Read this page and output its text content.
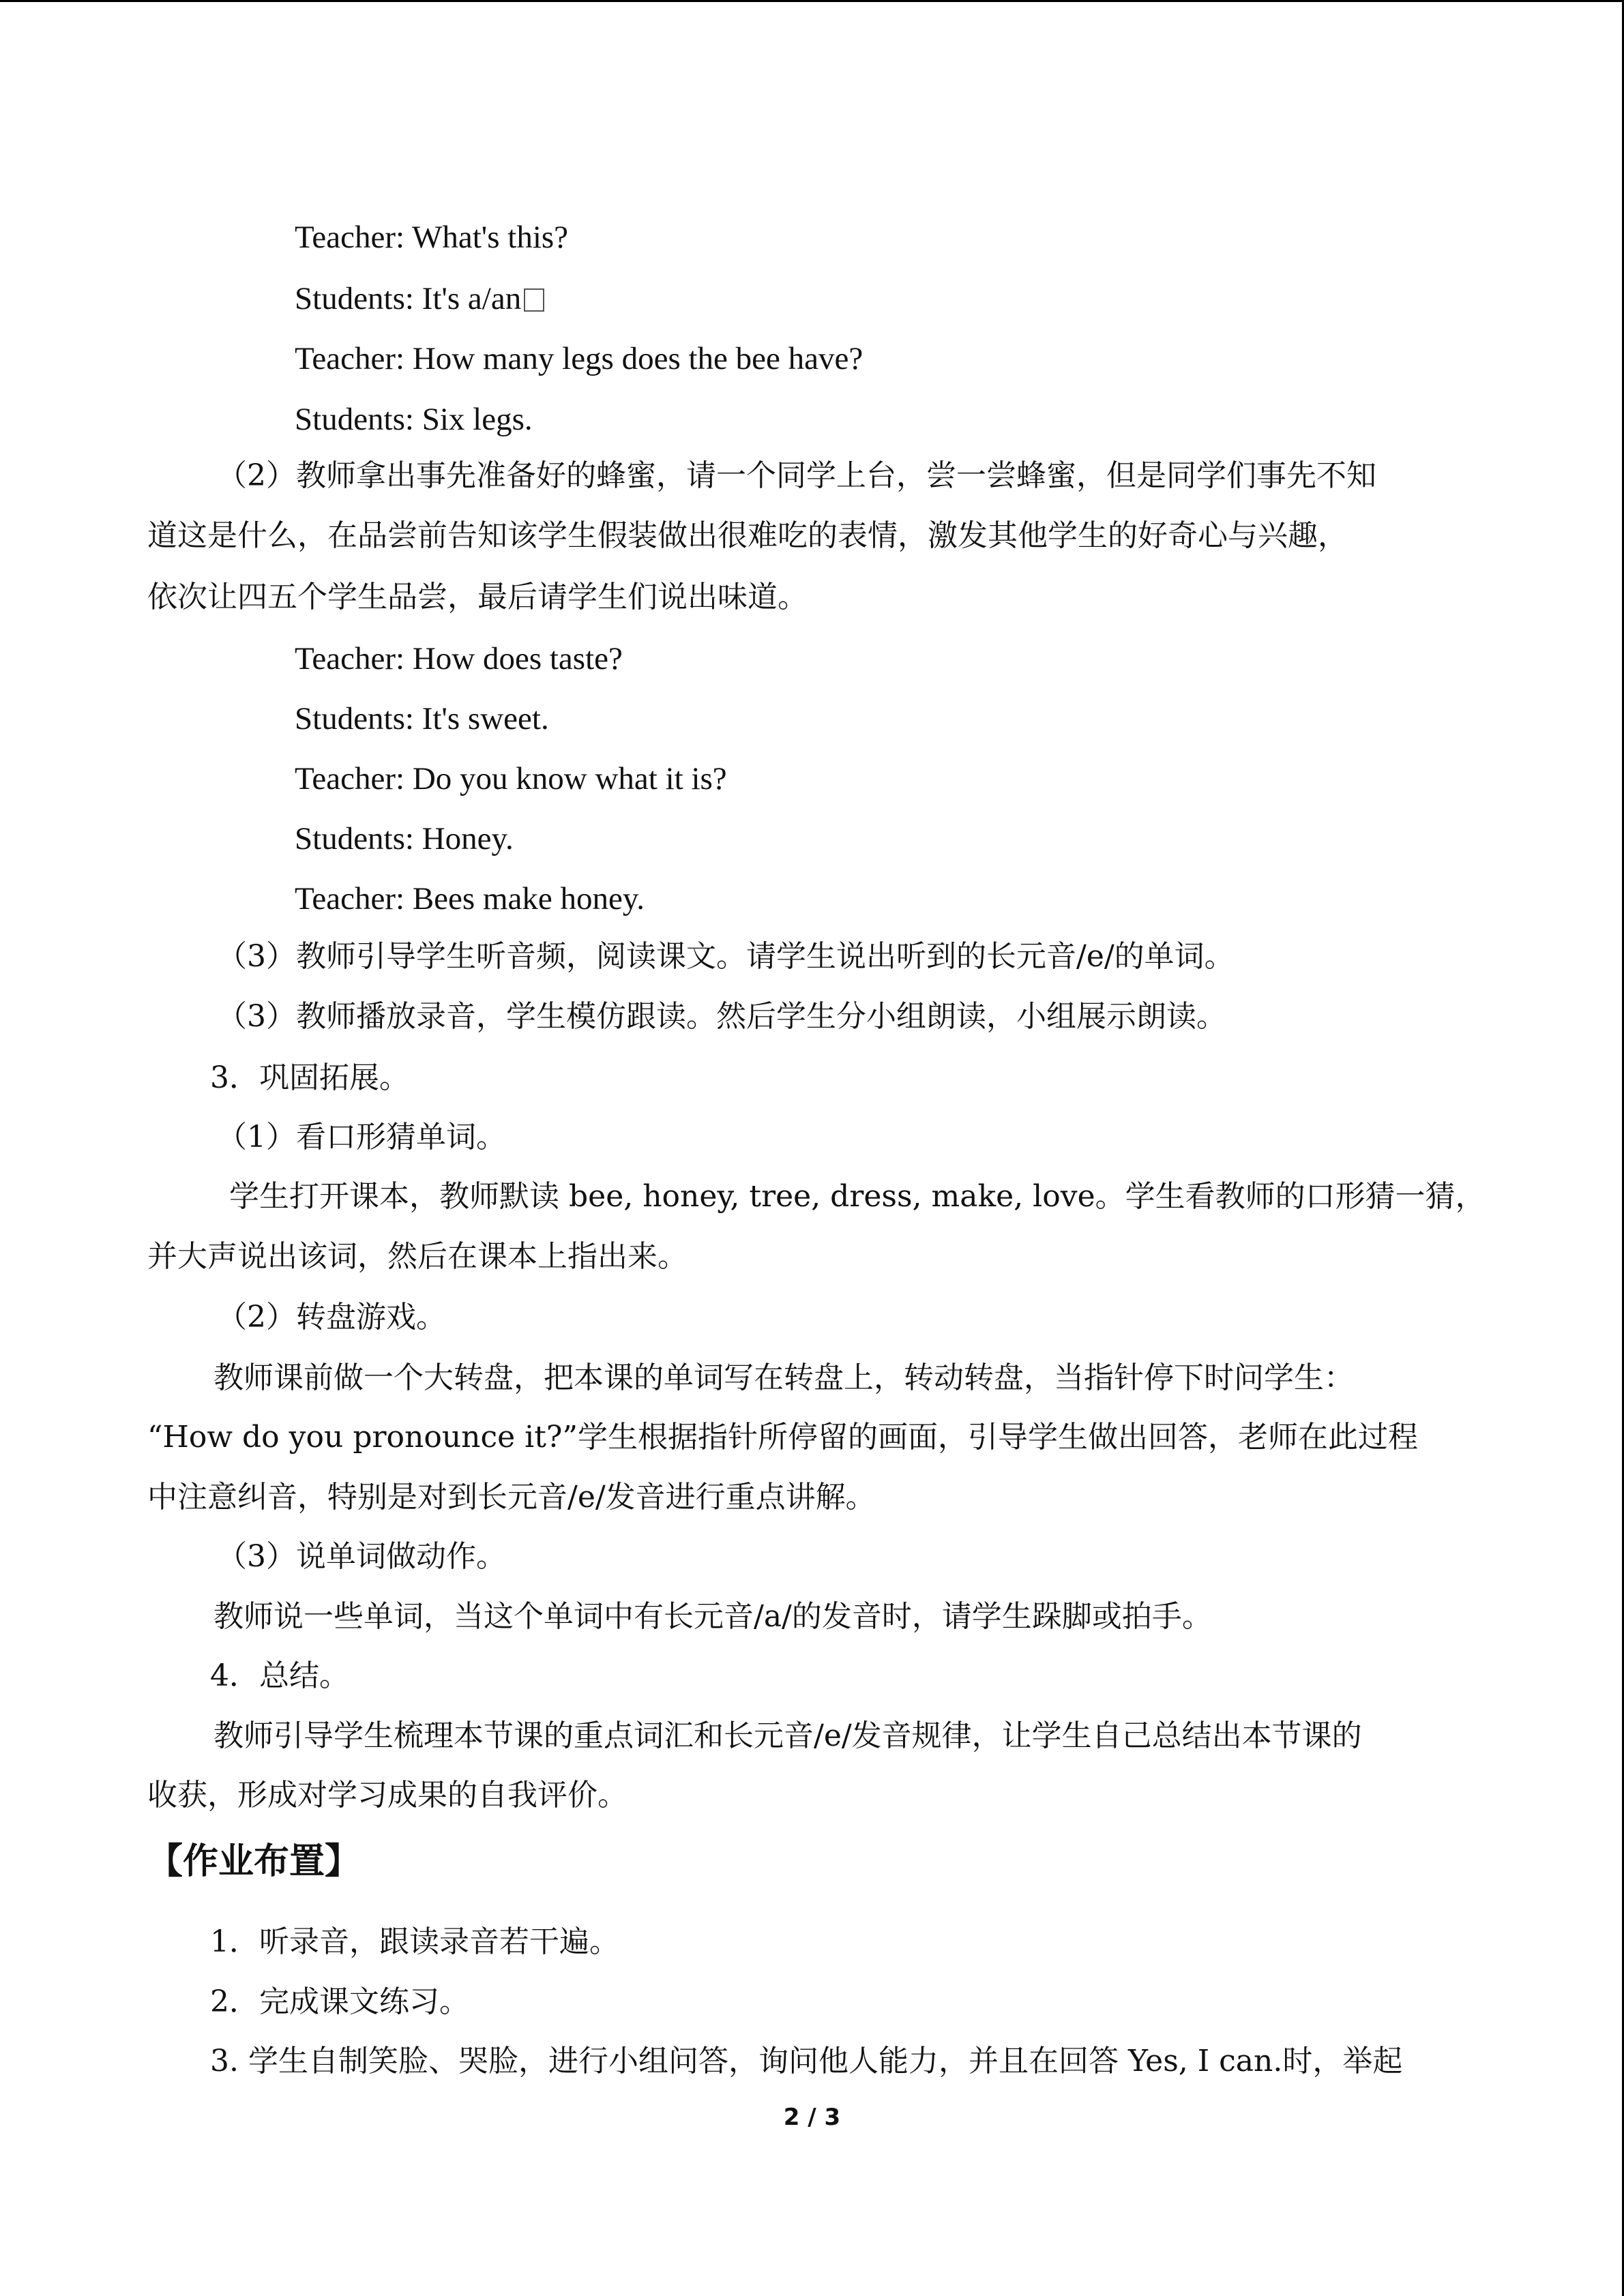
Teacher: What's this?
Students: It's a/an
Teacher: How many legs does the bee have?
Students: Six legs.
（2）教师拿出事先准备好的蜂蜜，请一个同学上台，尝一尝蜂蜜，但是同学们事先不知
道这是什么，在品尝前告知该学生假装做出很难吃的表情，激发其他学生的好奇心与兴趣，
依次让四五个学生品尝，最后请学生们说出味道。
Teacher: How does taste?
Students: It's sweet.
Teacher: Do you know what it is?
Students: Honey.
Teacher: Bees make honey.
（3）教师引导学生听音频，阅读课文。请学生说出听到的长元音/e/的单词。
（3）教师播放录音，学生模仿跟读。然后学生分小组朗读，小组展示朗读。
3．巩固拓展。
（1）看口形猜单词。
学生打开课本，教师默读 bee, honey, tree, dress, make, love。学生看教师的口形猜一猜，
并大声说出该词，然后在课本上指出来。
（2）转盘游戏。
教师课前做一个大转盘，把本课的单词写在转盘上，转动转盘，当指针停下时问学生：
“How do you pronounce it?”学生根据指针所停留的画面，引导学生做出回答，老师在此过程
中注意纠音，特别是对到长元音/e/发音进行重点讲解。
（3）说单词做动作。
教师说一些单词，当这个单词中有长元音/a/的发音时，请学生跺脚或拍手。
4．总结。
教师引导学生梳理本节课的重点词汇和长元音/e/发音规律，让学生自己总结出本节课的
收获，形成对学习成果的自我评价。
【作业布置】
1．听录音，跟读录音若干遍。
2．完成课文练习。
3. 学生自制笑脸、哭脸，进行小组问答，询问他人能力，并且在回答 Yes, I can.时，举起
2 / 3
